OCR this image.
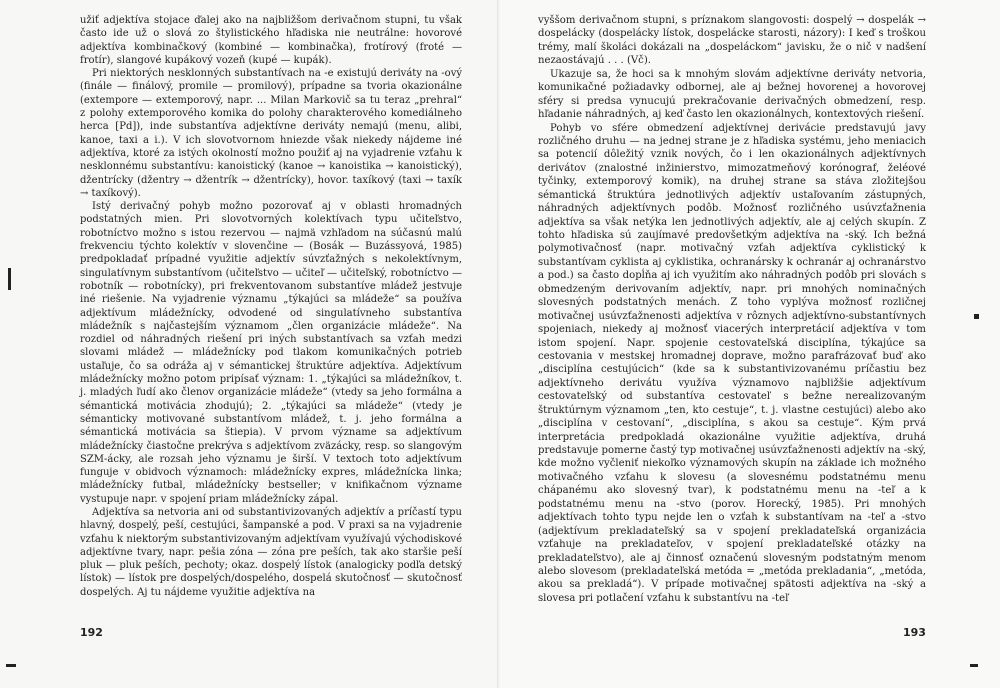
užiť adjektíva stojace ďalej ako na najbližšom derivačnom stupni, tu však často ide už o slová zo štylistického hľadiska nie neutrálne: hovorové adjektíva kombinačkový (kombiné — kombinačka), frotírový (froté — frotír), slangové kupákový vozeň (kupé — kupák).

Pri niektorých nesklonných substantívach na -e existujú deriváty na -ový (finále — finálový, promile — promilový), prípadne sa tvoria okazionálne (extempore — extemporový, napr. ... Milan Markovič sa tu teraz „prehral“ z polohy extemporového komika do polohy charakterového komediálneho herca [Pd]), inde substantíva adjektívne deriváty nemajú (menu, alibi, kanoe, taxi a i.). V ich slovotvornom hniezde však niekedy nájdeme iné adjektíva, ktoré za istých okolností možno použiť aj na vyjadrenie vzťahu k nesklonnému substantívu: kanoistický (kanoe → kanoistika → kanoistický), džentrícky (džentry → džentrík → džentrícky), hovor. taxíkový (taxi → taxík → taxíkový).

Istý derivačný pohyb možno pozorovať aj v oblasti hromadných podstatných mien. Pri slovotvorných kolektívach typu učiteľstvo, robotníctvo možno s istou rezervou — najmä vzhľadom na súčasnú malú frekvenciu týchto kolektív v slovenčine — (Bosák — Buzássyová, 1985) predpokladať prípadné využitie adjektív súvzťažných s nekolektívnym, singulatívnym substantívom (učiteľstvo — učiteľ — učiteľský, robotníctvo — robotník — robotnícky), pri frekventovanom substantíve mládež jestvuje iné riešenie. Na vyjadrenie významu „týkajúci sa mládeže“ sa používa adjektívum mládežnícky, odvodené od singulatívneho substantíva mládežník s najčastejším významom „člen organizácie mládeže“. Na rozdiel od náhradných riešení pri iných substantívach sa vzťah medzi slovami mládež — mládežnícky pod tlakom komunikačných potrieb ustaľuje, čo sa odráža aj v sémantickej štruktúre adjektíva. Adjektívum mládežnícky možno potom pripísať význam: 1. „týkajúci sa mládežníkov, t. j. mladých ľudí ako členov organizácie mládeže“ (vtedy sa jeho formálna a sémantická motivácia zhodujú); 2. „týkajúci sa mládeže“ (vtedy je sémanticky motivované substantívom mládež, t. j. jeho formálna a sémantická motivácia sa štiepia). V prvom význame sa adjektívum mládežnícky čiastočne prekrýva s adjektívom zväzácky, resp. so slangovým SZM-ácky, ale rozsah jeho významu je širší. V textoch toto adjektívum funguje v obidvoch významoch: mládežnícky expres, mládežnícka linka; mládežnícky futbal, mládežnícky bestseller; v knifikačnom význame vystupuje napr. v spojení priam mládežnícky zápal.

Adjektíva sa netvoria ani od substantivizovaných adjektív a príčastí typu hlavný, dospelý, peší, cestujúci, šampanské a pod. V praxi sa na vyjadrenie vzťahu k niektorým substantivizovaným adjektívam využívajú východiskové adjektívne tvary, napr. pešia zóna — zóna pre peších, tak ako staršie peší pluk — pluk peších, pechoty; okaz. dospelý lístok (analogicky podľa detský lístok) — lístok pre dospelých/dospelého, dospelá skutočnosť — skutočnosť dospelých. Aj tu nájdeme využitie adjektíva na

192

vyššom derivačnom stupni, s príznakom slangovosti: dospelý → dospelák → dospelácky (dospelácky lístok, dospelácke starosti, názory): I keď s troškou trémy, malí školáci dokázali na „dospeláckom“ javisku, že o nič v nadšení nezaostávajú . . . (Vč).

Ukazuje sa, že hoci sa k mnohým slovám adjektívne deriváty netvoria, komunikačné požiadavky odbornej, ale aj bežnej hovorenej a hovorovej sféry si predsa vynucujú prekračovanie derivačných obmedzení, resp. hľadanie náhradných, aj keď často len okazionálnych, kontextových riešení.

Pohyb vo sfére obmedzení adjektívnej derivácie predstavujú javy rozličného druhu — na jednej strane je z hľadiska systému, jeho meniacich sa potencií dôležitý vznik nových, čo i len okazionálnych adjektívnych derivátov (znalostné inžinierstvo, mimozatmeňový korónograf, želéové tyčinky, extemporový komik), na druhej strane sa stáva zložitejšou sémantická štruktúra jednotlivých adjektív ustaľovaním zástupných, náhradných adjektívnych podôb. Možnosť rozličného usúvzťažnenia adjektíva sa však netýka len jednotlivých adjektív, ale aj celých skupín. Z tohto hľadiska sú zaujímavé predovšetkým adjektíva na -ský. Ich bežná polymotivačnosť (napr. motivačný vzťah adjektíva cyklistický k substantívam cyklista aj cyklistika, ochranársky k ochranár aj ochranárstvo a pod.) sa často dopĺňa aj ich využitím ako náhradných podôb pri slovách s obmedzeným derivovaním adjektív, napr. pri mnohých nominačných slovesných podstatných menách. Z toho vyplýva možnosť rozličnej motivačnej usúvzťažnenosti adjektíva v rôznych adjektívno-substantívnych spojeniach, niekedy aj možnosť viacerých interpretácií adjektíva v tom istom spojení. Napr. spojenie cestovateľská disciplína, týkajúce sa cestovania v mestskej hromadnej doprave, možno parafrázovať buď ako „disciplína cestujúcich“ (kde sa k substantivizovanému príčastiu bez adjektívneho derivátu využíva významovo najbližšie adjektívum cestovateľský od substantíva cestovateľ s bežne nerealizovaným štruktúrnym významom „ten, kto cestuje“, t. j. vlastne cestujúci) alebo ako „disciplína v cestovaní“, „disciplína, s akou sa cestuje“. Kým prvá interpretácia predpokladá okazionálne využitie adjektíva, druhá predstavuje pomerne častý typ motivačnej usúvzťažnenosti adjektív na -ský, kde možno vyčleniť niekoľko významových skupín na základe ich možného motivačného vzťahu k slovesu (a slovesnému podstatnému menu chápanému ako slovesný tvar), k podstatnému menu na -teľ a k podstatnému menu na -stvo (porov. Horecký, 1985). Pri mnohých adjektívach tohto typu nejde len o vzťah k substantívam na -teľ a -stvo (adjektívum prekladateľský sa v spojení prekladateľská organizácia vzťahuje na prekladateľov, v spojení prekladateľské otázky na prekladateľstvo), ale aj činnosť označenú slovesným podstatným menom alebo slovesom (prekladateľská metóda = „metóda prekladania“, „metóda, akou sa prekladá“). V prípade motivačnej spätosti adjektíva na -ský a slovesa pri potlačení vzťahu k substantívu na -teľ

193
